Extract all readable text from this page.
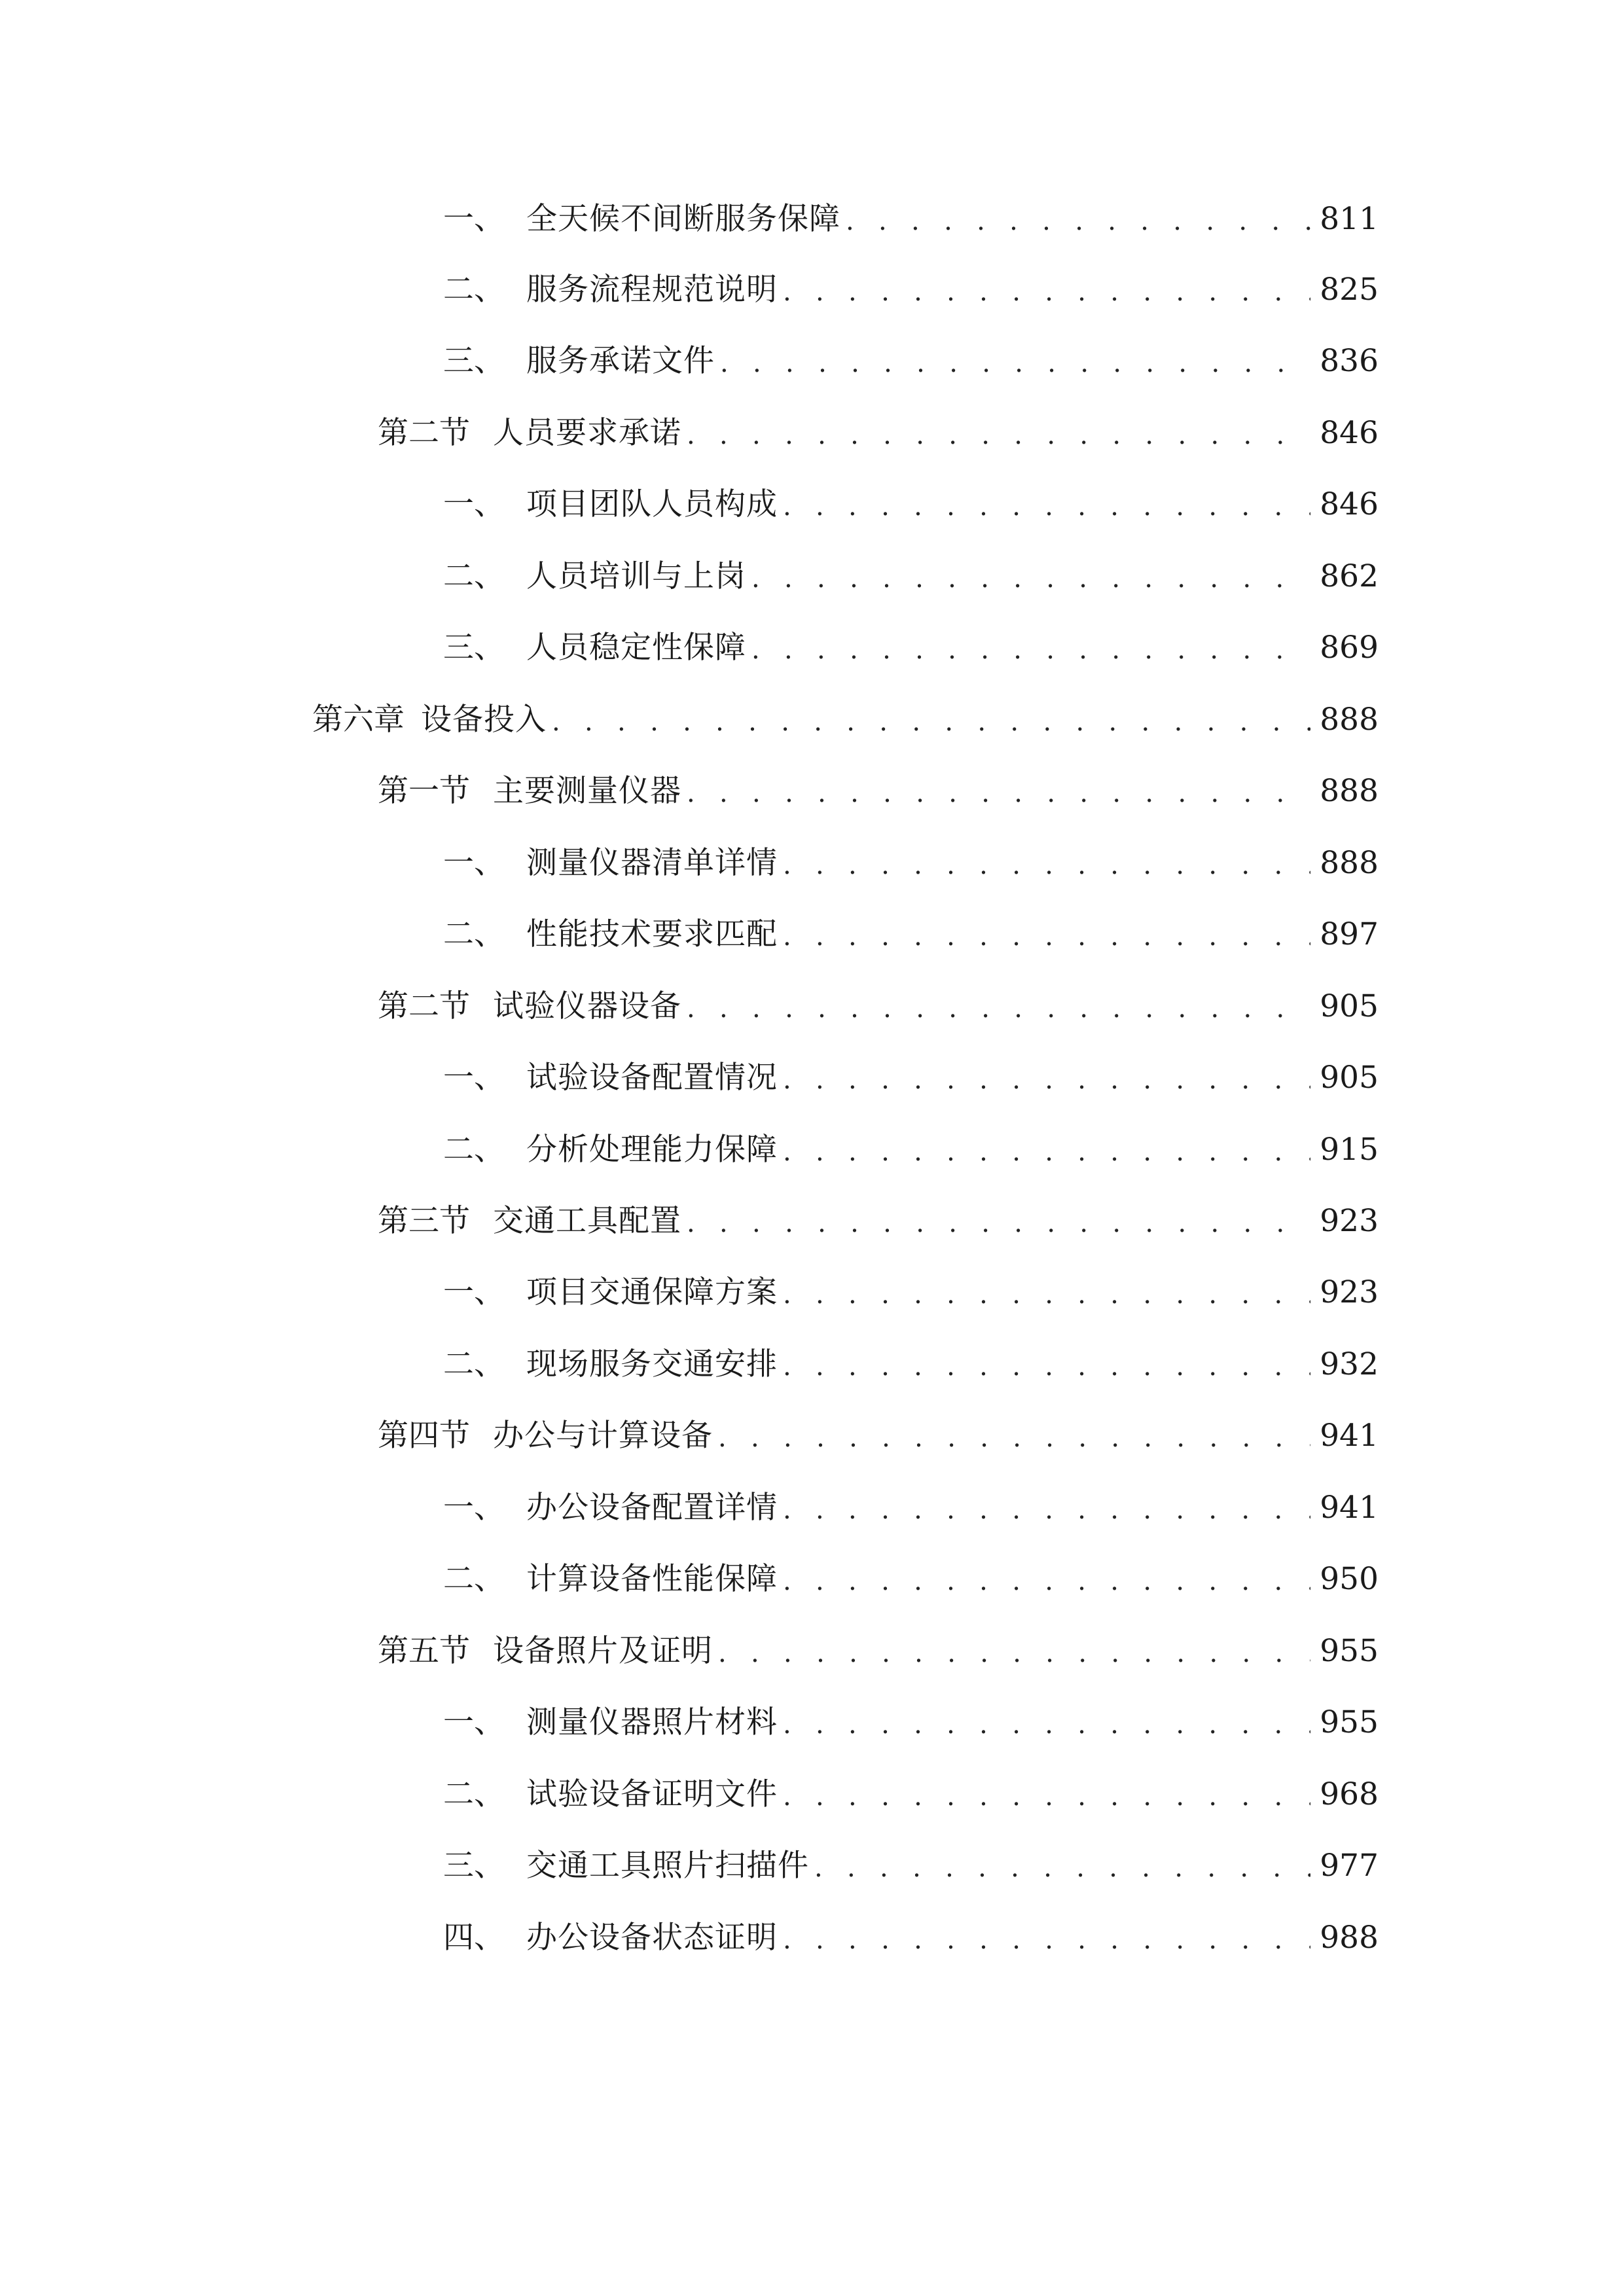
一、 全天候不间断服务保障 . . .	811
二、 服务流程规范说明 . . .	825
三、 服务承诺文件 . . .	836
第二节 人员要求承诺 . . .	846
一、 项目团队人员构成 . . .	846
二、 人员培训与上岗 . . .	862
三、 人员稳定性保障 . . .	869
第六章 设备投入 . . .	888
第一节 主要测量仪器 . . .	888
一、 测量仪器清单详情 . . .	888
二、 性能技术要求匹配 . . .	897
第二节 试验仪器设备 . . .	905
一、 试验设备配置情况 . . .	905
二、 分析处理能力保障 . . .	915
第三节 交通工具配置 . . .	923
一、 项目交通保障方案 . . .	923
二、 现场服务交通安排 . . .	932
第四节 办公与计算设备 . . .	941
一、 办公设备配置详情 . . .	941
二、 计算设备性能保障 . . .	950
第五节 设备照片及证明 . . .	955
一、 测量仪器照片材料 . . .	955
二、 试验设备证明文件 . . .	968
三、 交通工具照片扫描件 . . .	977
四、 办公设备状态证明 . . .	988
